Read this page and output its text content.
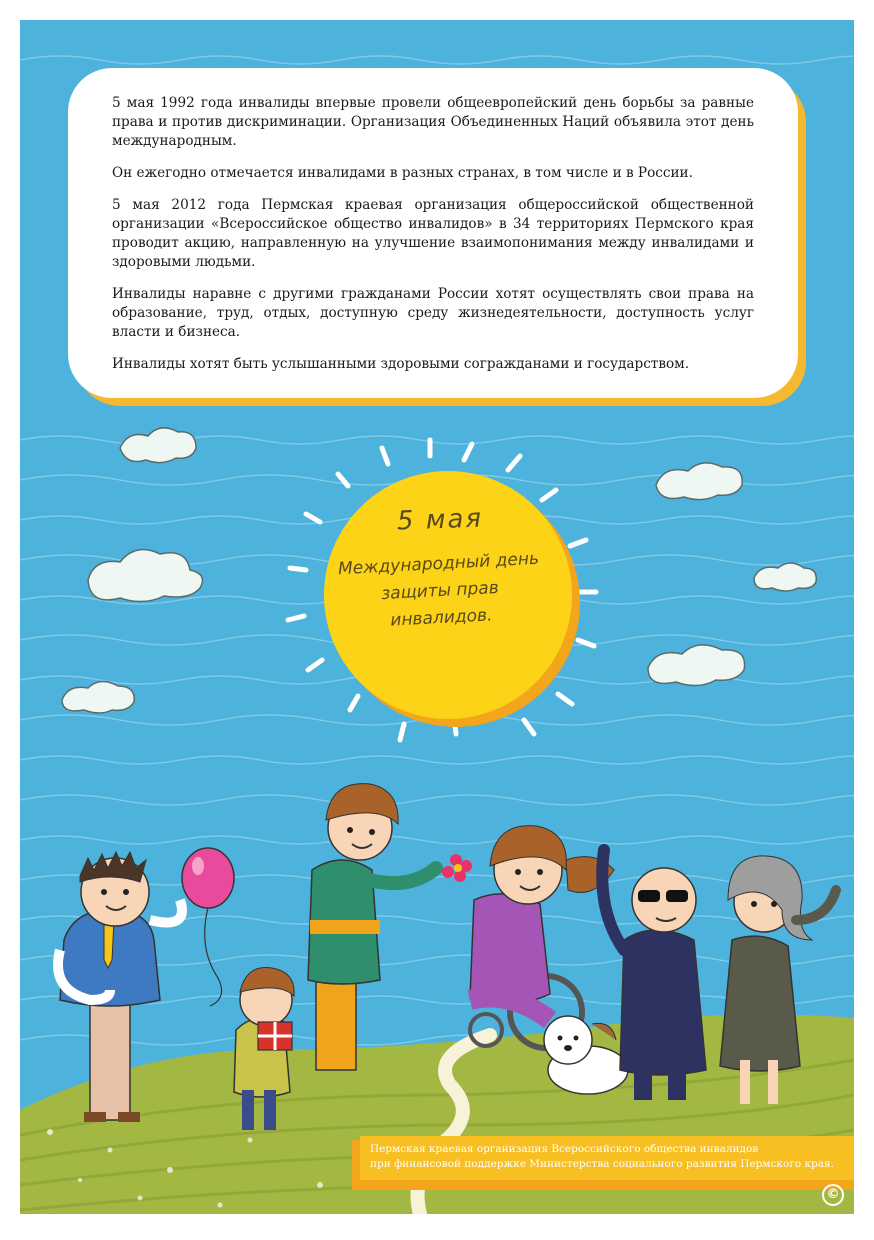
5 мая 1992 года инвалиды впервые провели общеевропейский день борьбы за равные права и против дискриминации. Организация Объединенных Наций объявила этот день международным.

Он ежегодно отмечается инвалидами в разных странах, в том числе и в России.

5 мая 2012 года Пермская краевая организация общероссийской общественной организации «Всероссийское общество инвалидов» в 34 территориях Пермского края проводит акцию, направленную на улучшение взаимопонимания между инвалидами и здоровыми людьми.

Инвалиды наравне с другими гражданами России хотят осуществлять свои права на образование, труд, отдых, доступную среду жизнедеятельности, доступность услуг власти и бизнеса.

Инвалиды хотят быть услышанными здоровыми согражданами и государством.

5 мая
Международный день
защиты прав
инвалидов.
Пермская краевая организация Всероссийского общества инвалидов
при финансовой поддержке Министерства социального развития Пермского края.
©
